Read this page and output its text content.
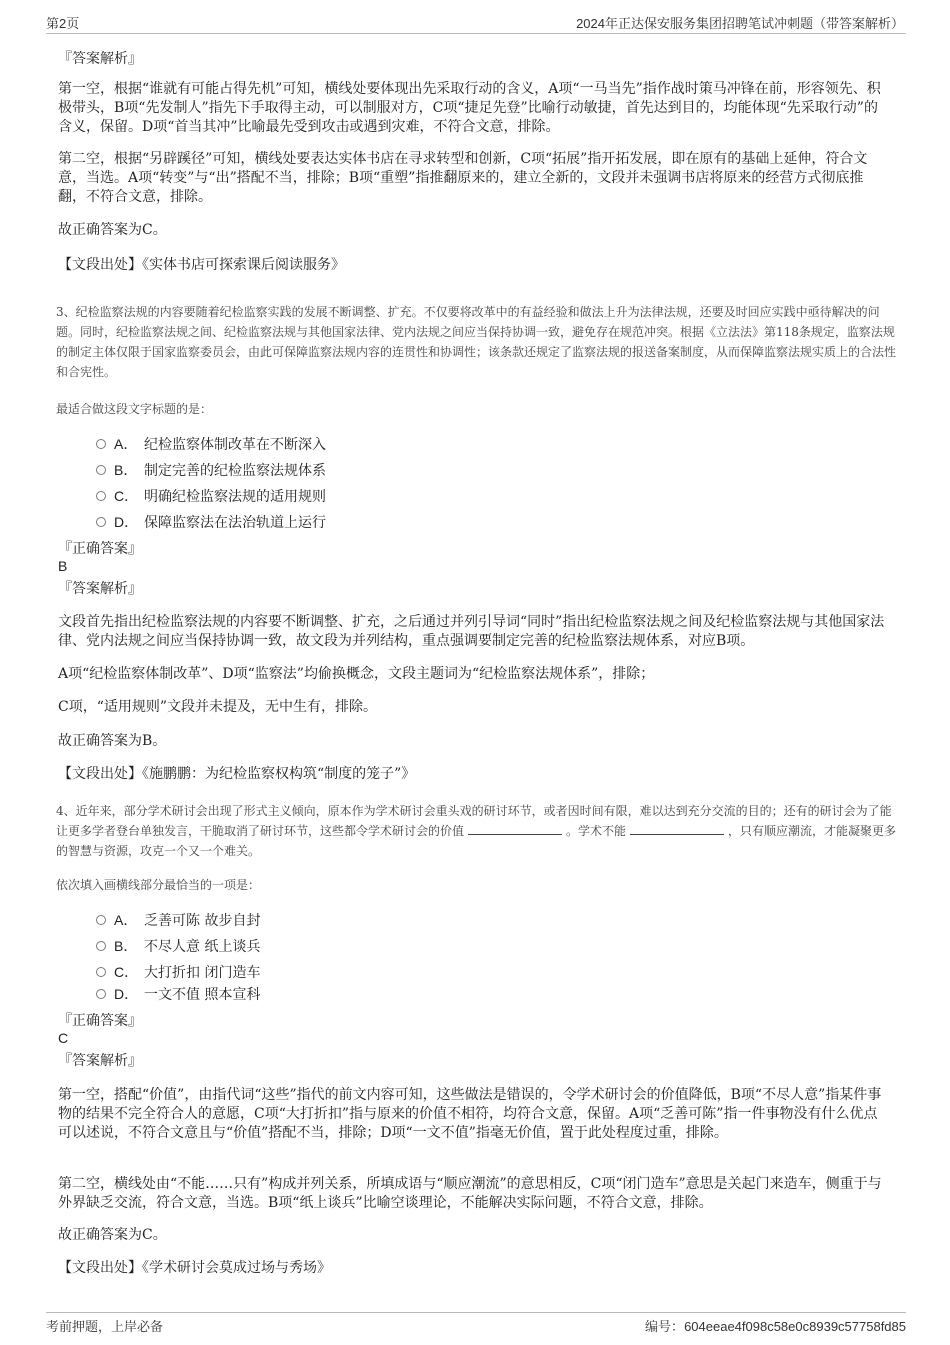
第2页	2024年正达保安服务集团招聘笔试冲刺题（带答案解析）
『答案解析』

第一空，根据“谁就有可能占得先机”可知，横线处要体现出先采取行动的含义，A项“一马当先”指作战时策马冲锋在前，形容领先、积极带头，B项“先发制人”指先下手取得主动，可以制服对方，C项“捷足先登”比喻行动敏捷，首先达到目的，均能体现“先采取行动”的含义，保留。D项“首当其冲”比喻最先受到攻击或遇到灾难，不符合文意，排除。

第二空，根据“另辟蹊径”可知，横线处要表达实体书店在寻求转型和创新，C项“拓展”指开拓发展，即在原有的基础上延伸，符合文意，当选。A项“转变”与“出”搭配不当，排除；B项“重塑”指推翻原来的，建立全新的，文段并未强调书店将原来的经营方式彻底推翻，不符合文意，排除。

故正确答案为C。
【文段出处】《实体书店可探索课后阅读服务》

3、纪检监察法规的内容要随着纪检监察实践的发展不断调整、扩充。不仅要将改革中的有益经验和做法上升为法律法规，还要及时回应实践中亟待解决的问题。同时，纪检监察法规之间、纪检监察法规与其他国家法律、党内法规之间应当保持协调一致，避免存在规范冲突。根据《立法法》第118条规定，监察法规的制定主体仅限于国家监察委员会，由此可保障监察法规内容的连贯性和协调性；该条款还规定了监察法规的报送备案制度，从而保障监察法规实质上的合法性和合宪性。

最适合做这段文字标题的是：
A． 纪检监察体制改革在不断深入
B． 制定完善的纪检监察法规体系
C． 明确纪检监察法规的适用规则
D． 保障监察法在法治轨道上运行
『正确答案』
B
『答案解析』

文段首先指出纪检监察法规的内容要不断调整、扩充，之后通过并列引导词“同时”指出纪检监察法规之间及纪检监察法规与其他国家法律、党内法规之间应当保持协调一致，故文段为并列结构，重点强调要制定完善的纪检监察法规体系，对应B项。

A项“纪检监察体制改革”、D项“监察法”均偷换概念，文段主题词为“纪检监察法规体系”，排除；

C项，“适用规则”文段并未提及，无中生有，排除。

故正确答案为B。
【文段出处】《施鹏鹏：为纪检监察权构筑“制度的笼子”》

4、近年来，部分学术研讨会出现了形式主义倾向，原本作为学术研讨会重头戏的研讨环节，或者因时间有限，难以达到充分交流的目的；还有的研讨会为了能让更多学者登台单独发言，干脆取消了研讨环节，这些都令学术研讨会的价值	。学术不能	，只有顺应潮流，才能凝聚更多的智慧与资源，攻克一个又一个难关。

依次填入画横线部分最恰当的一项是：
A． 乏善可陈 故步自封
B． 不尽人意 纸上谈兵
C． 大打折扣 闭门造车
D． 一文不值 照本宣科
『正确答案』
C
『答案解析』

第一空，搭配“价值”，由指代词“这些”指代的前文内容可知，这些做法是错误的，令学术研讨会的价值降低，B项“不尽人意”指某件事物的结果不完全符合人的意愿，C项“大打折扣”指与原来的价值不相符，均符合文意，保留。A项“乏善可陈”指一件事物没有什么优点可以述说，不符合文意且与“价值”搭配不当，排除；D项“一文不值”指毫无价值，置于此处程度过重，排除。

第二空，横线处由“不能……只有”构成并列关系，所填成语与“顺应潮流”的意思相反，C项“闭门造车”意思是关起门来造车，侧重于与外界缺乏交流，符合文意，当选。B项“纸上谈兵”比喻空谈理论，不能解决实际问题，不符合文意，排除。

故正确答案为C。
【文段出处】《学术研讨会莫成过场与秀场》
考前押题，上岸必备	编号：604eeae4f098c58e0c8939c57758fd85
